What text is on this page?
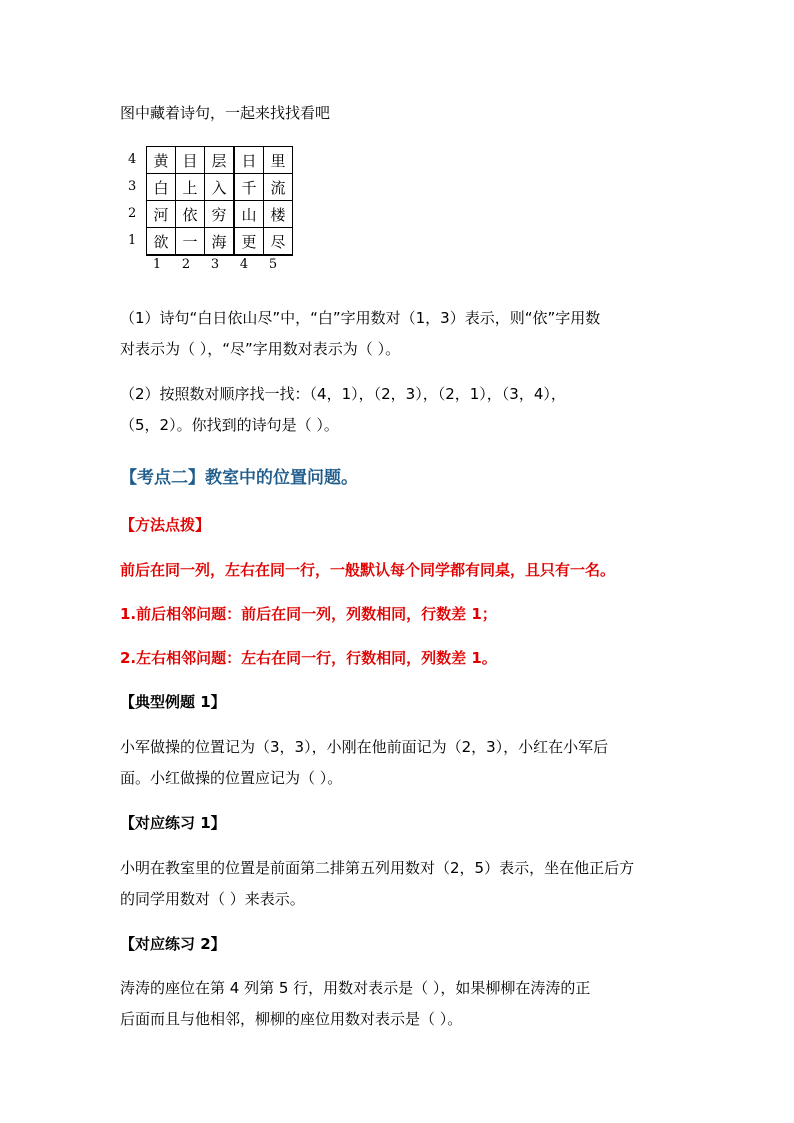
图中藏着诗句，一起来找找看吧
4
3
2
1
黄	目	层	日	里
白	上	入	千	流
河	依	穷	山	楼
欲	一	海	更	尽
1	2	3	4	5
（1）诗句“白日依山尽”中，“白”字用数对（1，3）表示，则“依”字用数
对表示为（ ），“尽”字用数对表示为（ ）。
（2）按照数对顺序找一找：（4，1），（2，3），（2，1），（3，4），
（5，2）。你找到的诗句是（ ）。
【考点二】教室中的位置问题。
【方法点拨】
前后在同一列，左右在同一行，一般默认每个同学都有同桌，且只有一名。
1.前后相邻问题：前后在同一列，列数相同，行数差 1；
2.左右相邻问题：左右在同一行，行数相同，列数差 1。
【典型例题 1】
小军做操的位置记为（3，3），小刚在他前面记为（2，3），小红在小军后
面。小红做操的位置应记为（ ）。
【对应练习 1】
小明在教室里的位置是前面第二排第五列用数对（2，5）表示，坐在他正后方
的同学用数对（ ）来表示。
【对应练习 2】
涛涛的座位在第 4 列第 5 行，用数对表示是（ ），如果柳柳在涛涛的正
后面而且与他相邻，柳柳的座位用数对表示是（ ）。
